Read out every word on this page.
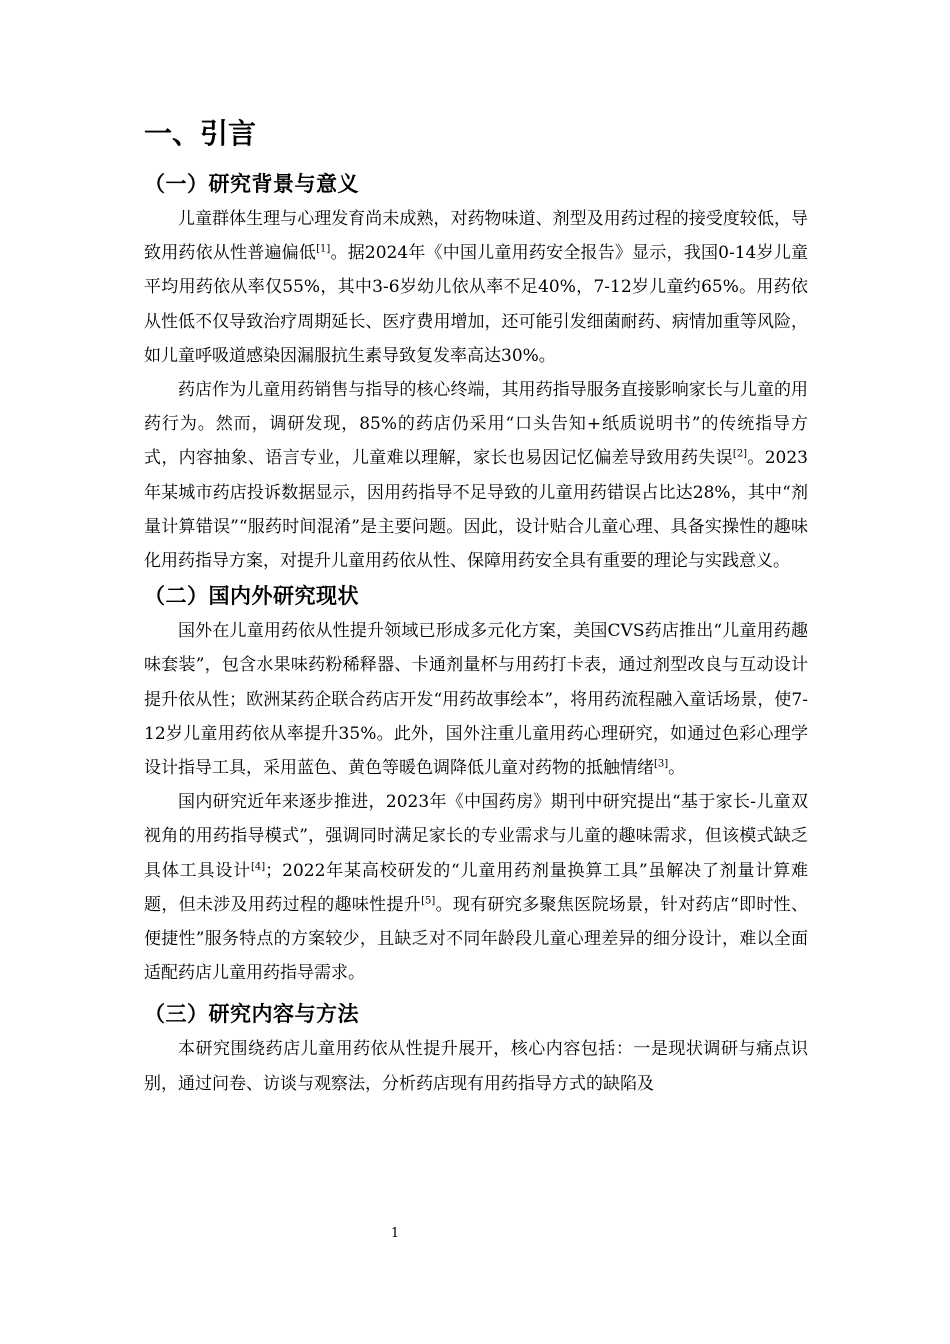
一、引言
（一）研究背景与意义

儿童群体生理与心理发育尚未成熟，对药物味道、剂型及用药过程的接受度较低，导致用药依从性普遍偏低[1]。据2024年《中国儿童用药安全报告》显示，我国0-14岁儿童平均用药依从率仅55%，其中3-6岁幼儿依从率不足40%，7-12岁儿童约65%。用药依从性低不仅导致治疗周期延长、医疗费用增加，还可能引发细菌耐药、病情加重等风险，如儿童呼吸道感染因漏服抗生素导致复发率高达30%。

药店作为儿童用药销售与指导的核心终端，其用药指导服务直接影响家长与儿童的用药行为。然而，调研发现，85%的药店仍采用“口头告知+纸质说明书”的传统指导方式，内容抽象、语言专业，儿童难以理解，家长也易因记忆偏差导致用药失误[2]。2023年某城市药店投诉数据显示，因用药指导不足导致的儿童用药错误占比达28%，其中“剂量计算错误”“服药时间混淆”是主要问题。因此，设计贴合儿童心理、具备实操性的趣味化用药指导方案，对提升儿童用药依从性、保障用药安全具有重要的理论与实践意义。

（二）国内外研究现状

国外在儿童用药依从性提升领域已形成多元化方案，美国CVS药店推出“儿童用药趣味套装”，包含水果味药粉稀释器、卡通剂量杯与用药打卡表，通过剂型改良与互动设计提升依从性；欧洲某药企联合药店开发“用药故事绘本”，将用药流程融入童话场景，使7-12岁儿童用药依从率提升35%。此外，国外注重儿童用药心理研究，如通过色彩心理学设计指导工具，采用蓝色、黄色等暖色调降低儿童对药物的抵触情绪[3]。

国内研究近年来逐步推进，2023年《中国药房》期刊中研究提出“基于家长-儿童双视角的用药指导模式”，强调同时满足家长的专业需求与儿童的趣味需求，但该模式缺乏具体工具设计[4]；2022年某高校研发的“儿童用药剂量换算工具”虽解决了剂量计算难题，但未涉及用药过程的趣味性提升[5]。现有研究多聚焦医院场景，针对药店“即时性、便捷性”服务特点的方案较少，且缺乏对不同年龄段儿童心理差异的细分设计，难以全面适配药店儿童用药指导需求。

（三）研究内容与方法

本研究围绕药店儿童用药依从性提升展开，核心内容包括：一是现状调研与痛点识别，通过问卷、访谈与观察法，分析药店现有用药指导方式的缺陷及

1
